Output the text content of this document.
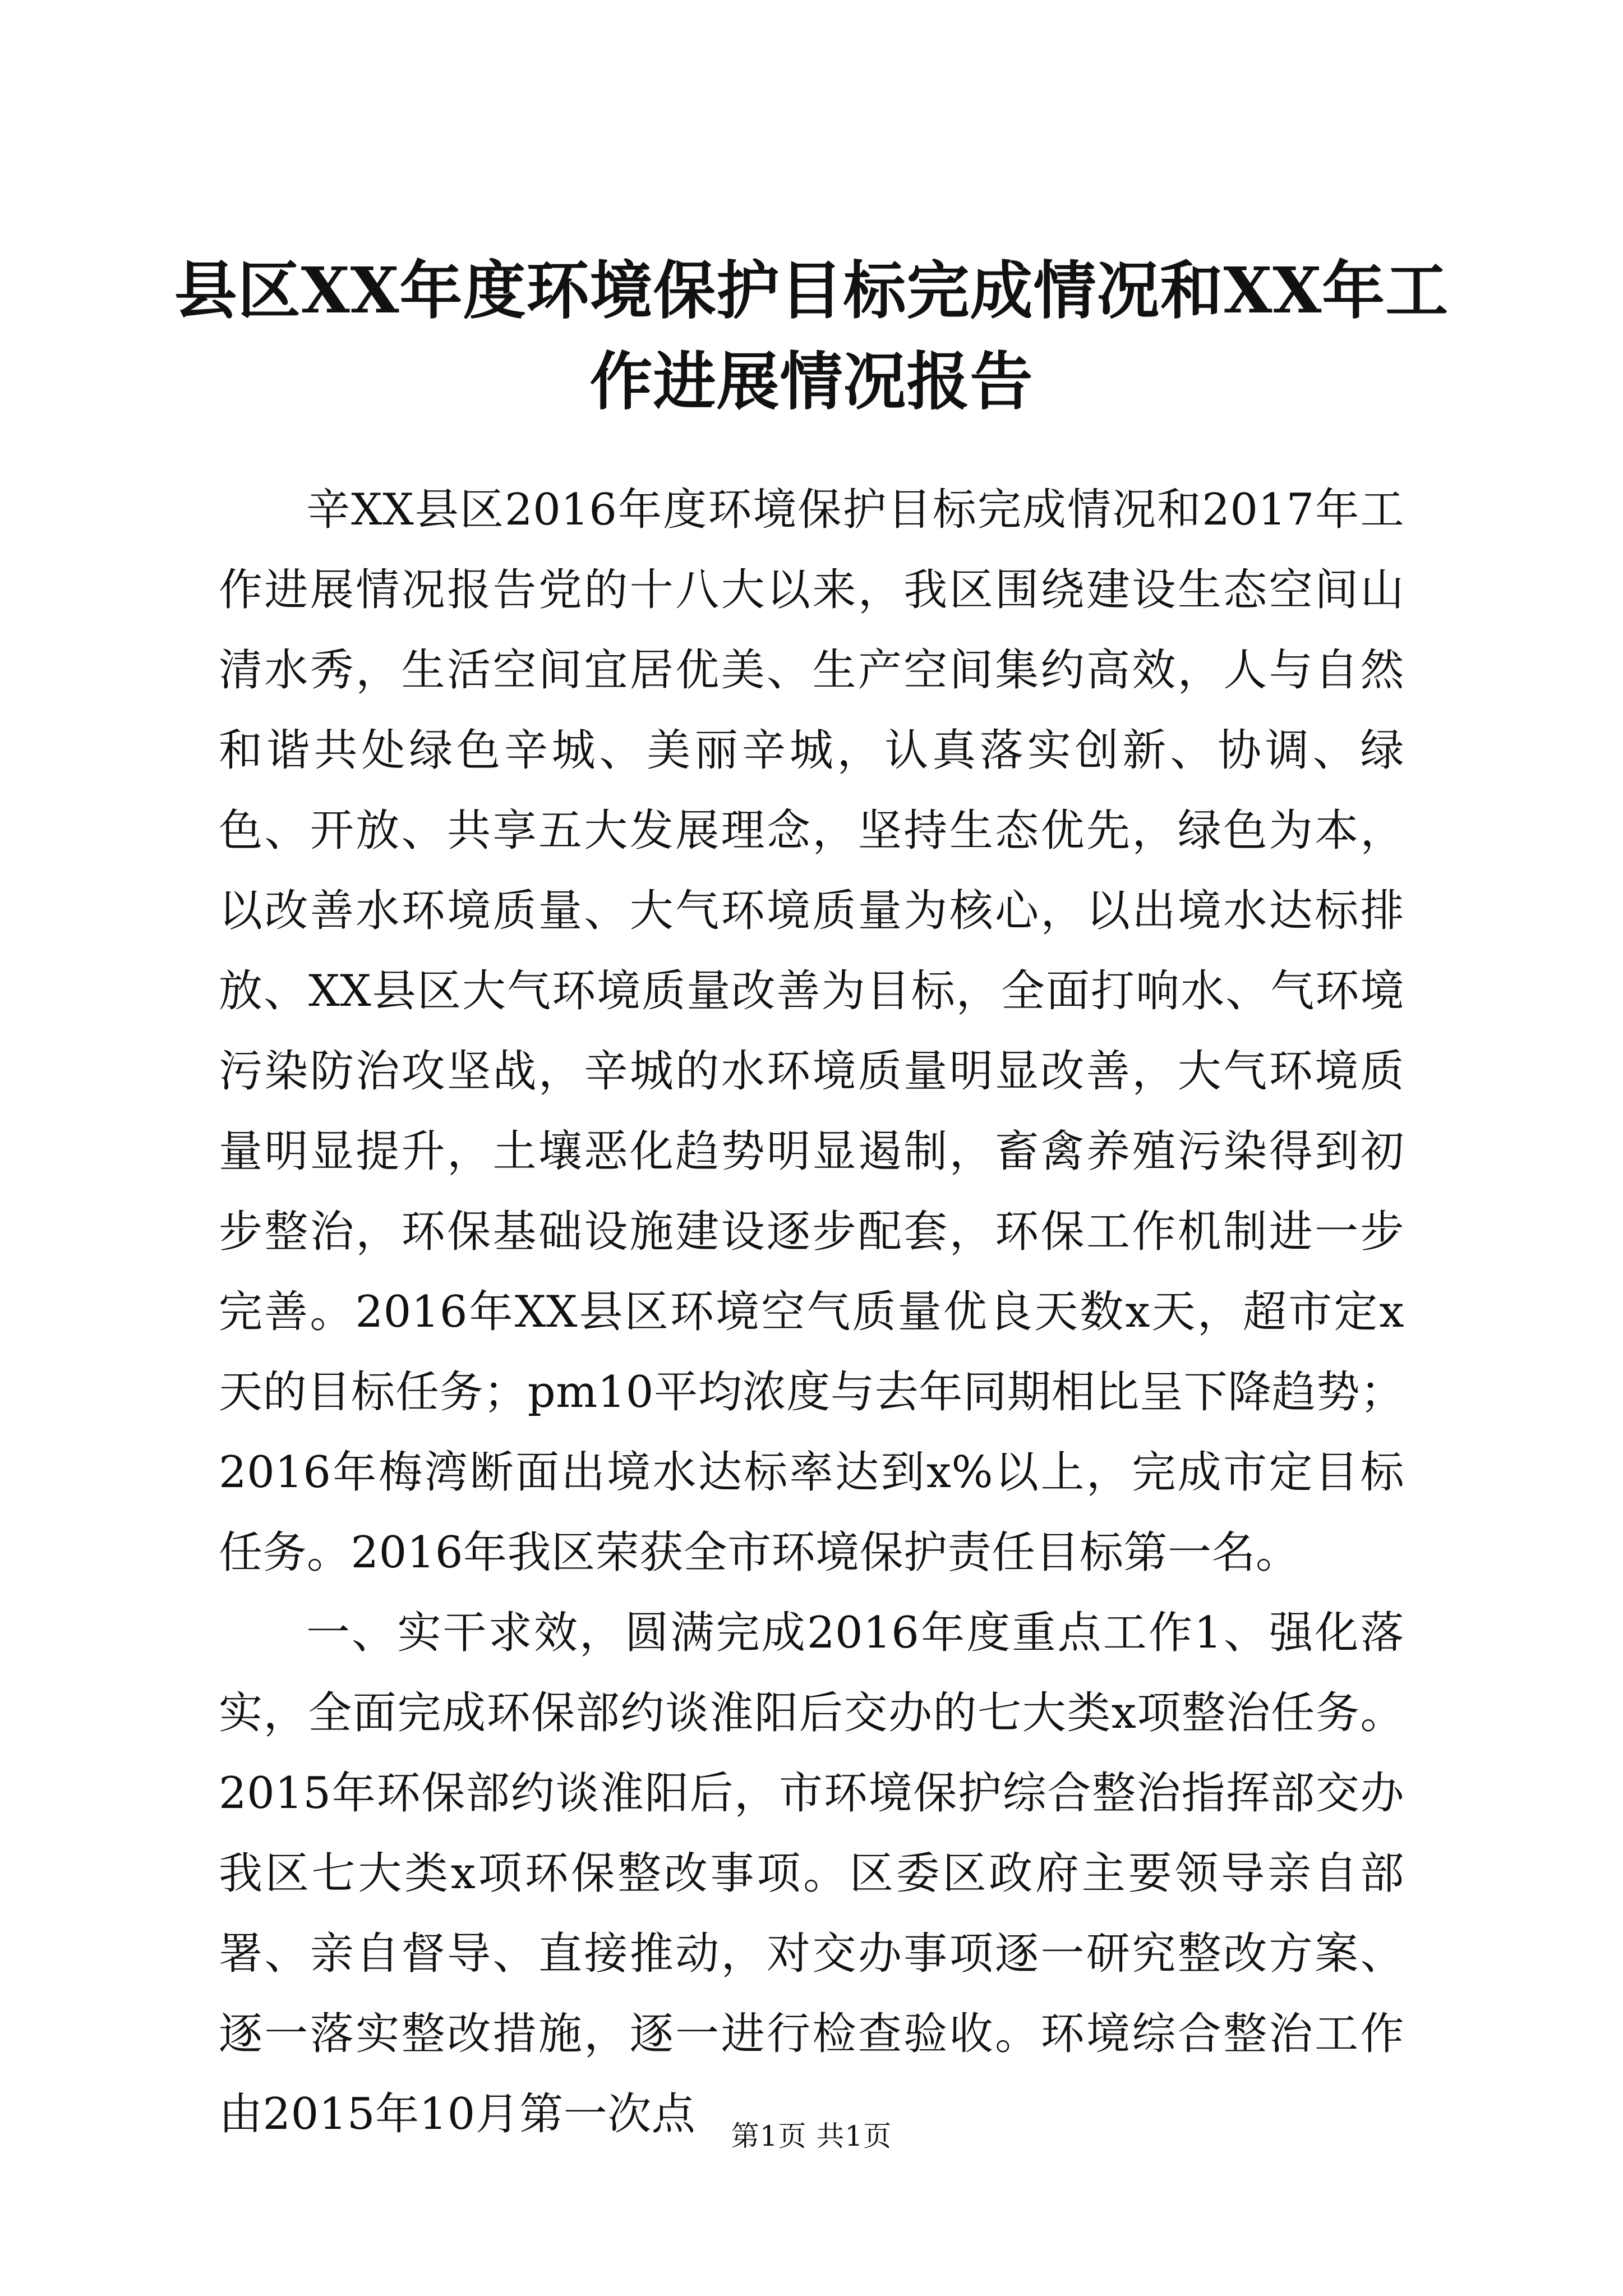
县区XX年度环境保护目标完成情况和XX年工作进展情况报告

辛XX县区2016年度环境保护目标完成情况和2017年工作进展情况报告党的十八大以来，我区围绕建设生态空间山清水秀，生活空间宜居优美、生产空间集约高效，人与自然和谐共处绿色辛城、美丽辛城，认真落实创新、协调、绿色、开放、共享五大发展理念，坚持生态优先，绿色为本，以改善水环境质量、大气环境质量为核心，以出境水达标排放、XX县区大气环境质量改善为目标，全面打响水、气环境污染防治攻坚战，辛城的水环境质量明显改善，大气环境质量明显提升，土壤恶化趋势明显遏制，畜禽养殖污染得到初步整治，环保基础设施建设逐步配套，环保工作机制进一步完善。2016年XX县区环境空气质量优良天数x天，超市定x天的目标任务；pm10平均浓度与去年同期相比呈下降趋势；2016年梅湾断面出境水达标率达到x%以上，完成市定目标任务。2016年我区荣获全市环境保护责任目标第一名。

一、实干求效，圆满完成2016年度重点工作1、强化落实，全面完成环保部约谈淮阳后交办的七大类x项整治任务。2015年环保部约谈淮阳后，市环境保护综合整治指挥部交办我区七大类x项环保整改事项。区委区政府主要领导亲自部署、亲自督导、直接推动，对交办事项逐一研究整改方案、逐一落实整改措施，逐一进行检查验收。环境综合整治工作由2015年10月第一次点	第1页 共1页
